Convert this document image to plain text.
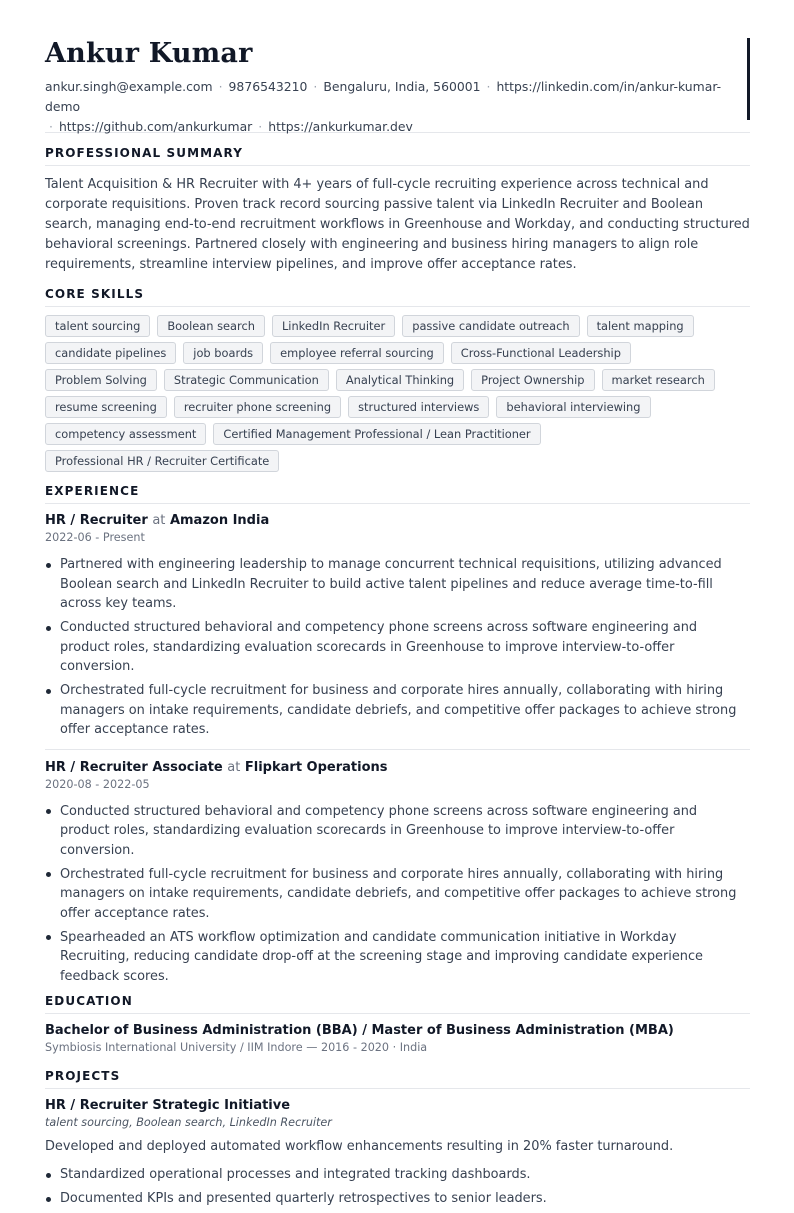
Ankur Kumar
ankur.singh@example.com · 9876543210 · Bengaluru, India, 560001 · https://linkedin.com/in/ankur-kumar-demo
· https://github.com/ankurkumar · https://ankurkumar.dev
PROFESSIONAL SUMMARY

Talent Acquisition & HR Recruiter with 4+ years of full-cycle recruiting experience across technical and corporate requisitions. Proven track record sourcing passive talent via LinkedIn Recruiter and Boolean search, managing end-to-end recruitment workflows in Greenhouse and Workday, and conducting structured behavioral screenings. Partnered closely with engineering and business hiring managers to align role requirements, streamline interview pipelines, and improve offer acceptance rates.

CORE SKILLS
talent sourcing	Boolean search	LinkedIn Recruiter	passive candidate outreach	talent mapping
candidate pipelines	job boards	employee referral sourcing	Cross-Functional Leadership
Problem Solving	Strategic Communication	Analytical Thinking	Project Ownership	market research
resume screening	recruiter phone screening	structured interviews	behavioral interviewing
competency assessment	Certified Management Professional / Lean Practitioner
Professional HR / Recruiter Certificate
EXPERIENCE
HR / Recruiter at Amazon India
2022-06 - Present
Partnered with engineering leadership to manage concurrent technical requisitions, utilizing advanced Boolean search and LinkedIn Recruiter to build active talent pipelines and reduce average time-to-fill across key teams.
Conducted structured behavioral and competency phone screens across software engineering and product roles, standardizing evaluation scorecards in Greenhouse to improve interview-to-offer conversion.
Orchestrated full-cycle recruitment for business and corporate hires annually, collaborating with hiring managers on intake requirements, candidate debriefs, and competitive offer packages to achieve strong offer acceptance rates.
HR / Recruiter Associate at Flipkart Operations
2020-08 - 2022-05
Conducted structured behavioral and competency phone screens across software engineering and product roles, standardizing evaluation scorecards in Greenhouse to improve interview-to-offer conversion.
Orchestrated full-cycle recruitment for business and corporate hires annually, collaborating with hiring managers on intake requirements, candidate debriefs, and competitive offer packages to achieve strong offer acceptance rates.
Spearheaded an ATS workflow optimization and candidate communication initiative in Workday Recruiting, reducing candidate drop-off at the screening stage and improving candidate experience feedback scores.
EDUCATION
Bachelor of Business Administration (BBA) / Master of Business Administration (MBA)
Symbiosis International University / IIM Indore — 2016 - 2020 · India
PROJECTS
HR / Recruiter Strategic Initiative
talent sourcing, Boolean search, LinkedIn Recruiter

Developed and deployed automated workflow enhancements resulting in 20% faster turnaround.

Standardized operational processes and integrated tracking dashboards.
Documented KPIs and presented quarterly retrospectives to senior leaders.
